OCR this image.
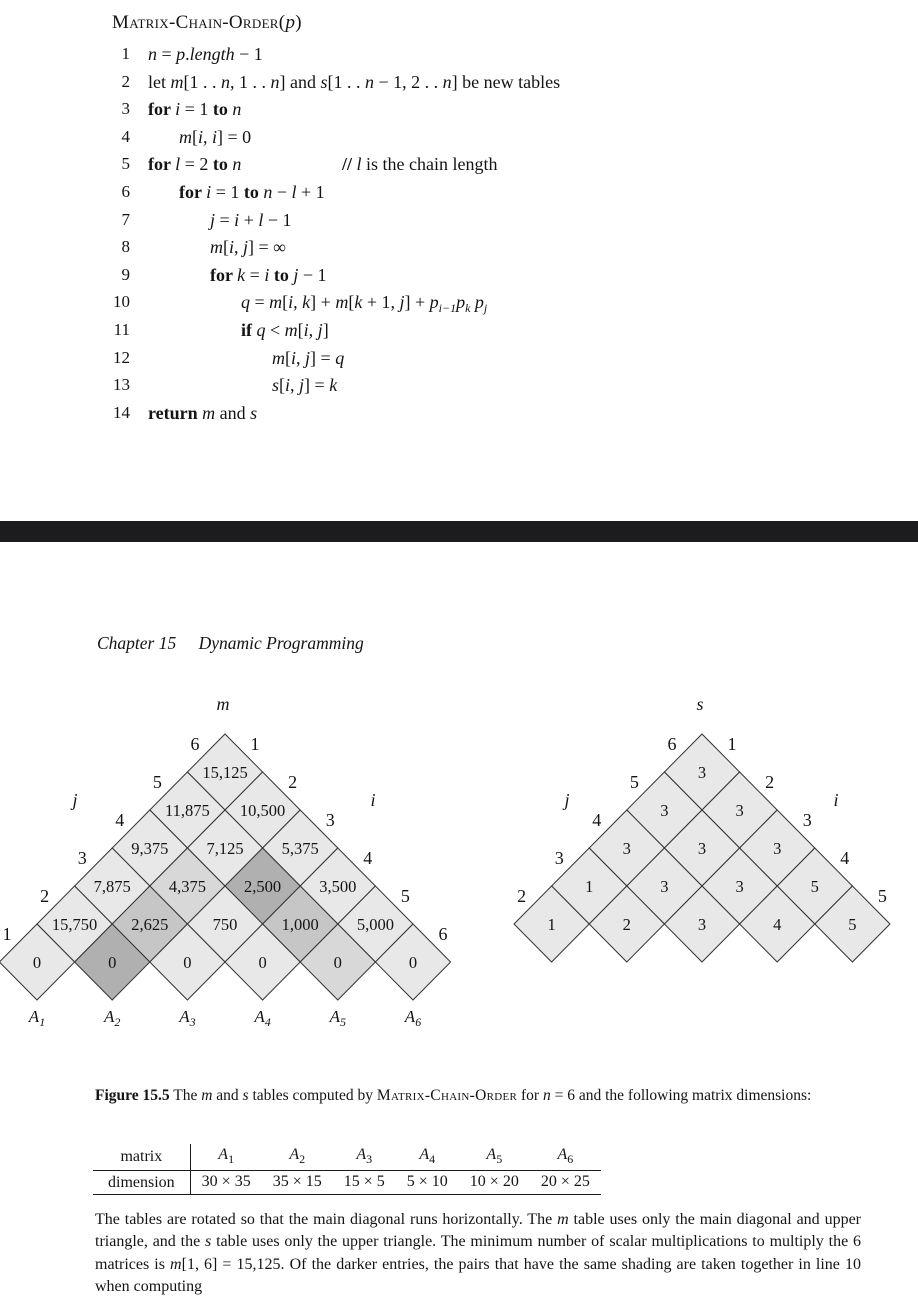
Matrix-Chain-Order(p)
1 n = p.length − 1
2 let m[1 . . n, 1 . . n] and s[1 . . n − 1, 2 . . n] be new tables
3 for i = 1 to n
4	m[i, i] = 0
5 for l = 2 to n	// l is the chain length
6	for i = 1 to n − l + 1
7	j = i + l − 1
8	m[i, j] = ∞
9	for k = i to j − 1
10	q = m[i, k] + m[k + 1, $j] + p_{i-1}p_k$ $p_j$
11	if q < m[i, j]
12	m[i, j] = q
13	s[i, j] = k
14 return m and s
Chapter 15 Dynamic Programming
m
15,125
6	1
11,875 10,500
5	2
9,375 7,125 5,375
4	3
7,875 4,375 2,500 3,500
3	4
15,750 2,625	750	1,000 5,000
2	5
0	0	0	0	0	0
1	6
j	i
$A_1$	$A_2$	$A_3$	$A_4$	$A_5$	$A_6$
s
3
6	1
3	3
5	2
3	3	3
4	3
1	3	3	5
3	4
1	2	3	4	5
2	5
j	i

Figure 15.5 The m and s tables computed by Matrix-Chain-Order for n = 6 and the following matrix dimensions:

matrix	$A_1$	$A_2$	$A_3$	$A_4$	$A_5$	$A_6$
dimension	30 × 35	35 × 15	15 × 5	5 × 10	10 × 20	20 × 25

The tables are rotated so that the main diagonal runs horizontally. The m table uses only the main diagonal and upper triangle, and the s table uses only the upper triangle. The minimum number of scalar multiplications to multiply the 6 matrices is m[1, 6] = 15,125. Of the darker entries, the pairs that have the same shading are taken together in line 10 when computing
